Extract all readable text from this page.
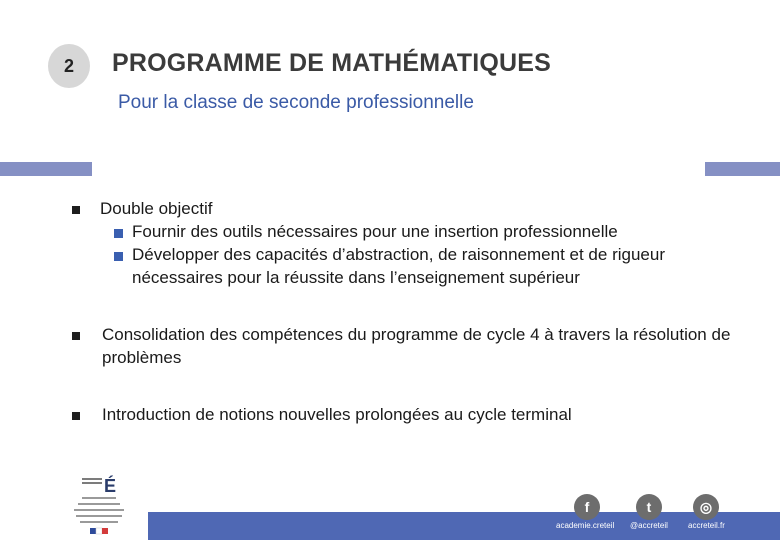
2 PROGRAMME DE MATHÉMATIQUES
Pour la classe de seconde professionnelle
Double objectif
Fournir des outils nécessaires pour une insertion professionnelle
Développer des capacités d’abstraction, de raisonnement et de rigueur nécessaires pour la réussite dans l’enseignement supérieur
Consolidation des compétences du programme de cycle 4 à travers la résolution de problèmes
Introduction de notions nouvelles prolongées au cycle terminal
É
f	t	◎
academie.creteil @accreteil	accreteil.fr
